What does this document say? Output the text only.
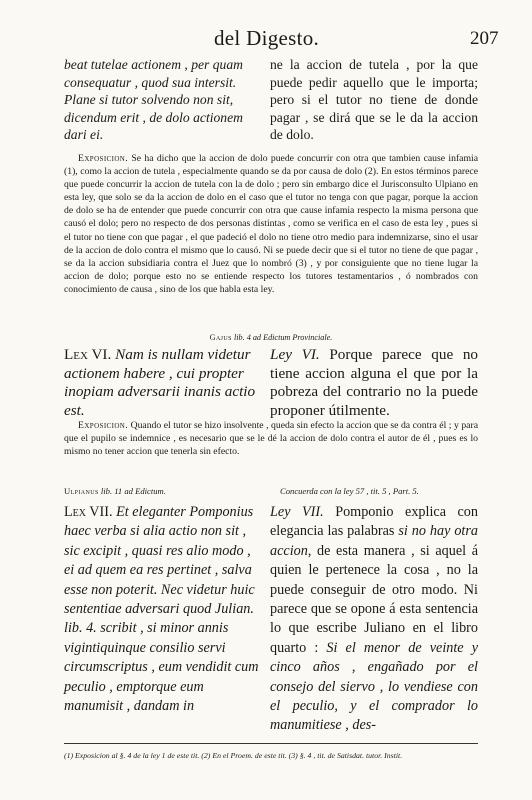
del Digesto.	207

beat tutelae actionem , per quam consequatur , quod sua intersit. Plane si tutor solvendo non sit, dicendum erit , de dolo actionem dari ei.

ne la accion de tutela , por la que puede pedir aquello que le importa; pero si el tutor no tiene de donde pagar , se dirá que se le da la accion de dolo.

Exposicion. Se ha dicho que la accion de dolo puede concurrir con otra que tambien cause infamia (1), como la accion de tutela , especialmente quando se da por causa de dolo (2). En estos términos parece que puede concurrir la accion de tutela con la de dolo ; pero sin embargo dice el Jurisconsulto Ulpiano en esta ley, que solo se da la accion de dolo en el caso que el tutor no tenga con que pagar, porque la accion de dolo se ha de entender que puede concurrir con otra que cause infamia respecto la misma persona que causó el dolo; pero no respecto de dos personas distintas , como se verifica en el caso de esta ley , pues si el tutor no tiene con que pagar , el que padeció el dolo no tiene otro medio para indemnizarse, sino el usar de la accion de dolo contra el mismo que lo causó. Ni se puede decir que si el tutor no tiene de que pagar , se da la accion subsidiaria contra el Juez que lo nombró (3) , y por consiguiente que no tiene lugar la accion de dolo; porque esto no se entiende respecto los tutores testamentarios , ó nombrados con conocimiento de causa , sino de los que habla esta ley.

Gajus lib. 4 ad Edictum Provinciale.

Lex VI. Nam is nullam videtur actionem habere , cui propter inopiam adversarii inanis actio est.

Ley VI. Porque parece que no tiene accion alguna el que por la pobreza del contrario no la puede proponer útilmente.

Exposicion. Quando el tutor se hizo insolvente , queda sin efecto la accion que se da contra él ; y para que el pupilo se indemnice , es necesario que se le dé la accion de dolo contra el autor de él , pues es lo mismo no tener accion que tenerla sin efecto.

Ulpianus lib. 11 ad Edictum.	Concuerda con la ley 57 , tit. 5 , Part. 5.

Lex VII. Et eleganter Pomponius haec verba si alia actio non sit , sic excipit , quasi res alio modo , ei ad quem ea res pertinet , salva esse non poterit. Nec videtur huic sententiae adversari quod Julian. lib. 4. scribit , si minor annis vigintiquinque consilio servi circumscriptus , eum vendidit cum peculio , emptorque eum manumisit , dandam in

Ley VII. Pomponio explica con elegancia las palabras si no hay otra accion, de esta manera , si aquel á quien le pertenece la cosa , no la puede conseguir de otro modo. Ni parece que se opone á esta sentencia lo que escribe Juliano en el libro quarto : Si el menor de veinte y cinco años , engañado por el consejo del siervo , lo vendiese con el peculio, y el comprador lo manumitiese , des-

(1) Exposicion al §. 4 de la ley 1 de este tit. (2) En el Proem. de este tit. (3) §. 4 , tit. de Satisdat. tutor. Instit.
